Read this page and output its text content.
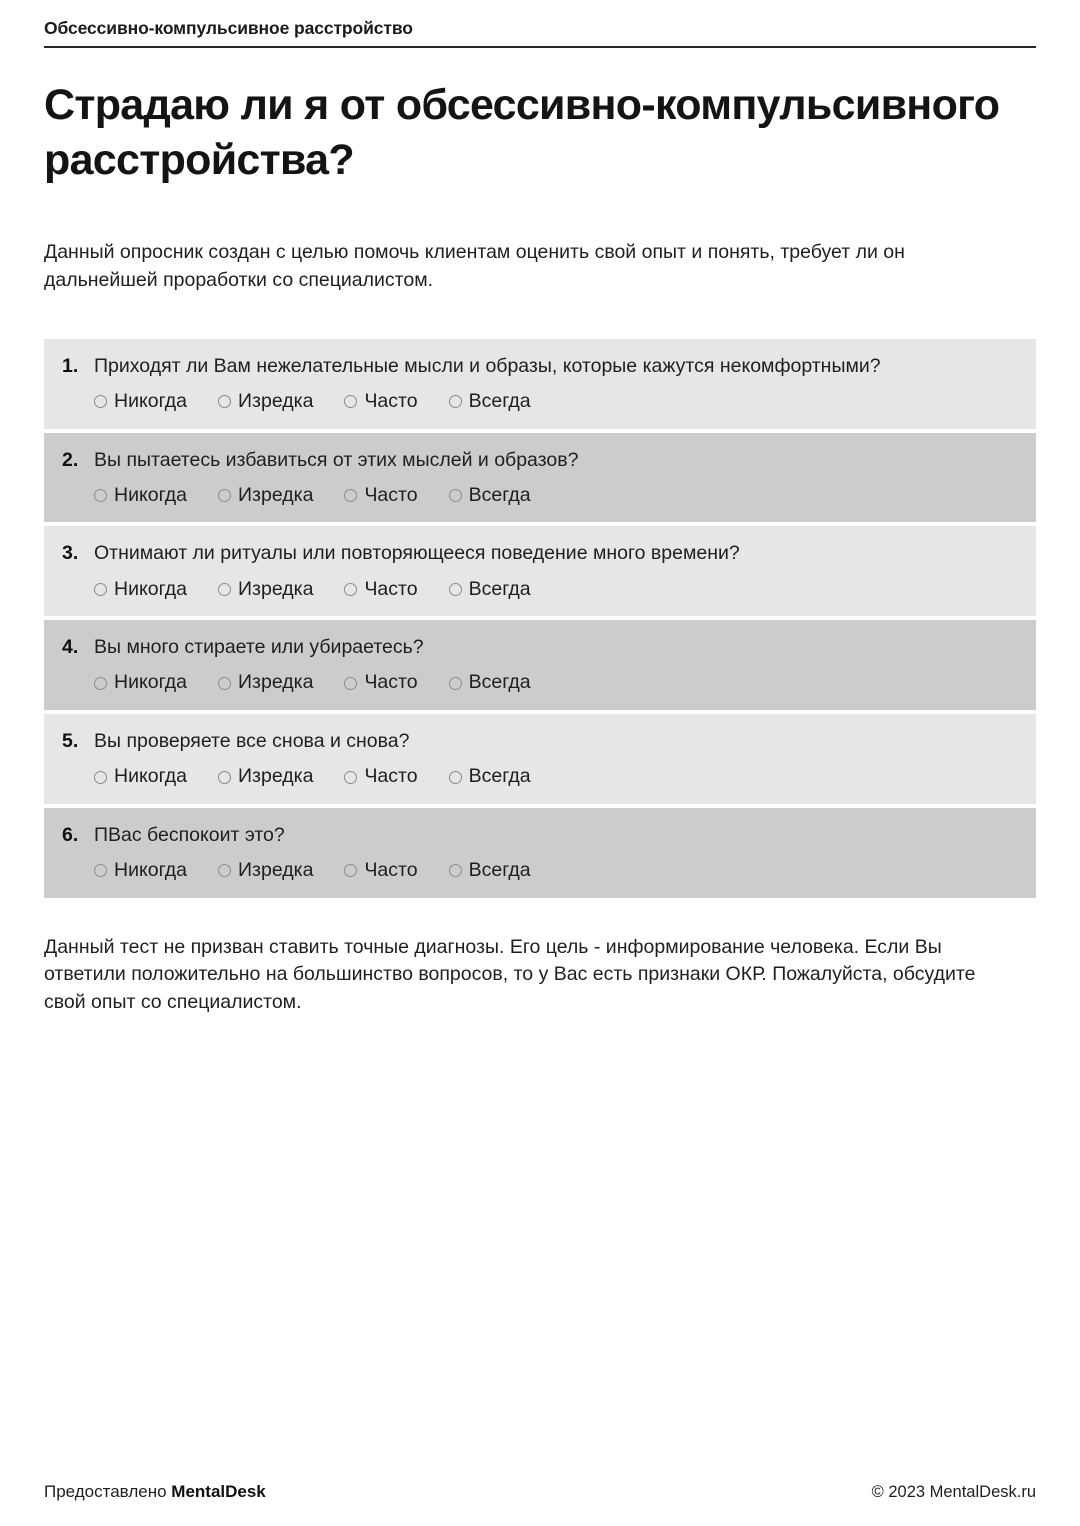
Обсессивно-компульсивное расстройство
Страдаю ли я от обсессивно-компульсивного расстройства?

Данный опросник создан с целью помочь клиентам оценить свой опыт и понять, требует ли он дальнейшей проработки со специалистом.

1. Приходят ли Вам нежелательные мысли и образы, которые кажутся некомфортными?
Никогда	Изредка	Часто	Всегда
2. Вы пытаетесь избавиться от этих мыслей и образов?
Никогда	Изредка	Часто	Всегда
3. Отнимают ли ритуалы или повторяющееся поведение много времени?
Никогда	Изредка	Часто	Всегда
4. Вы много стираете или убираетесь?
Никогда	Изредка	Часто	Всегда
5. Вы проверяете все снова и снова?
Никогда	Изредка	Часто	Всегда
6. ПВас беспокоит это?
Никогда	Изредка	Часто	Всегда

Данный тест не призван ставить точные диагнозы. Его цель - информирование человека. Если Вы ответили положительно на большинство вопросов, то у Вас есть признаки ОКР. Пожалуйста, обсудите свой опыт со специалистом.

Предоставлено MentalDesk	© 2023 MentalDesk.ru
